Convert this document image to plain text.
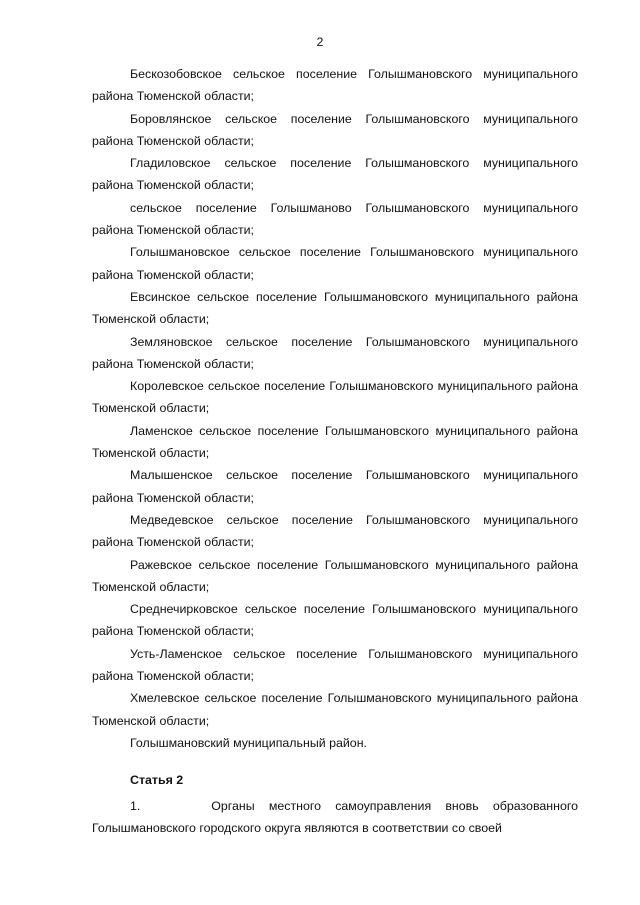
2

Бескозобовское сельское поселение Голышмановского муниципального района Тюменской области;

Боровлянское сельское поселение Голышмановского муниципального района Тюменской области;

Гладиловское сельское поселение Голышмановского муниципального района Тюменской области;

сельское поселение Голышманово Голышмановского муниципального района Тюменской области;

Голышмановское сельское поселение Голышмановского муниципального района Тюменской области;

Евсинское сельское поселение Голышмановского муниципального района Тюменской области;

Земляновское сельское поселение Голышмановского муниципального района Тюменской области;

Королевское сельское поселение Голышмановского муниципального района Тюменской области;

Ламенское сельское поселение Голышмановского муниципального района Тюменской области;

Малышенское сельское поселение Голышмановского муниципального района Тюменской области;

Медведевское сельское поселение Голышмановского муниципального района Тюменской области;

Ражевское сельское поселение Голышмановского муниципального района Тюменской области;

Среднечирковское сельское поселение Голышмановского муниципального района Тюменской области;

Усть-Ламенское сельское поселение Голышмановского муниципального района Тюменской области;

Хмелевское сельское поселение Голышмановского муниципального района Тюменской области;

Голышмановский муниципальный район.

Статья 2

1.     Органы местного самоуправления вновь образованного Голышмановского городского округа являются в соответствии со своей
